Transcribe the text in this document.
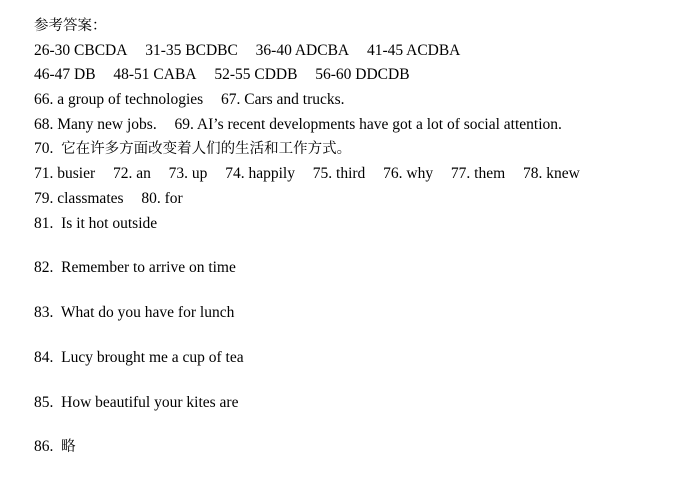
参考答案：
26-30 CBCDA 31-35 BCDBC 36-40 ADCBA 41-45 ACDBA
46-47 DB 48-51 CABA 52-55 CDDB 56-60 DDCDB
66. a group of technologies 67. Cars and trucks.
68. Many new jobs. 69. AI’s recent developments have got a lot of social attention.
70. 它在许多方面改变着人们的生活和工作方式。
71. busier 72. an 73. up 74. happily 75. third 76. why 77. them 78. knew
79. classmates 80. for
81. Is it hot outside
82. Remember to arrive on time
83. What do you have for lunch
84. Lucy brought me a cup of tea
85. How beautiful your kites are
86. 略
